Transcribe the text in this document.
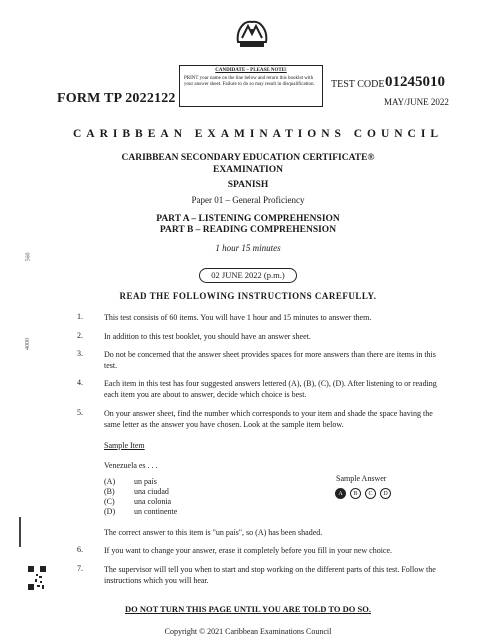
CANDIDATE – PLEASE NOTE!
PRINT your name on the line below and return this booklet with your answer sheet. Failure to do so may result in disqualification.
FORM TP 2022122
TEST CODE 01245010
MAY/JUNE 2022
CARIBBEAN EXAMINATIONS COUNCIL
CARIBBEAN SECONDARY EDUCATION CERTIFICATE®
EXAMINATION
SPANISH
Paper 01 – General Proficiency
PART A – LISTENING COMPREHENSION
PART B – READING COMPREHENSION
1 hour 15 minutes
02 JUNE 2022 (p.m.)
READ THE FOLLOWING INSTRUCTIONS CAREFULLY.
1.	This test consists of 60 items. You will have 1 hour and 15 minutes to answer them.
2.	In addition to this test booklet, you should have an answer sheet.
3.	Do not be concerned that the answer sheet provides spaces for more answers than there are items in this test.
4.	Each item in this test has four suggested answers lettered (A), (B), (C), (D). After listening to or reading each item you are about to answer, decide which choice is best.
5.	On your answer sheet, find the number which corresponds to your item and shade the space having the same letter as the answer you have chosen. Look at the sample item below.
Sample Item
Venezuela es . . .
(A) un país
(B) una ciudad
(C) una colonia
(D) un continente
Sample Answer
A	B	C	D
The correct answer to this item is "un país", so (A) has been shaded.
6.	If you want to change your answer, erase it completely before you fill in your new choice.
7.	The supervisor will tell you when to start and stop working on the different parts of this test. Follow the instructions which you will hear.
DO NOT TURN THIS PAGE UNTIL YOU ARE TOLD TO DO SO.
Copyright © 2021 Caribbean Examinations Council
560
4000
